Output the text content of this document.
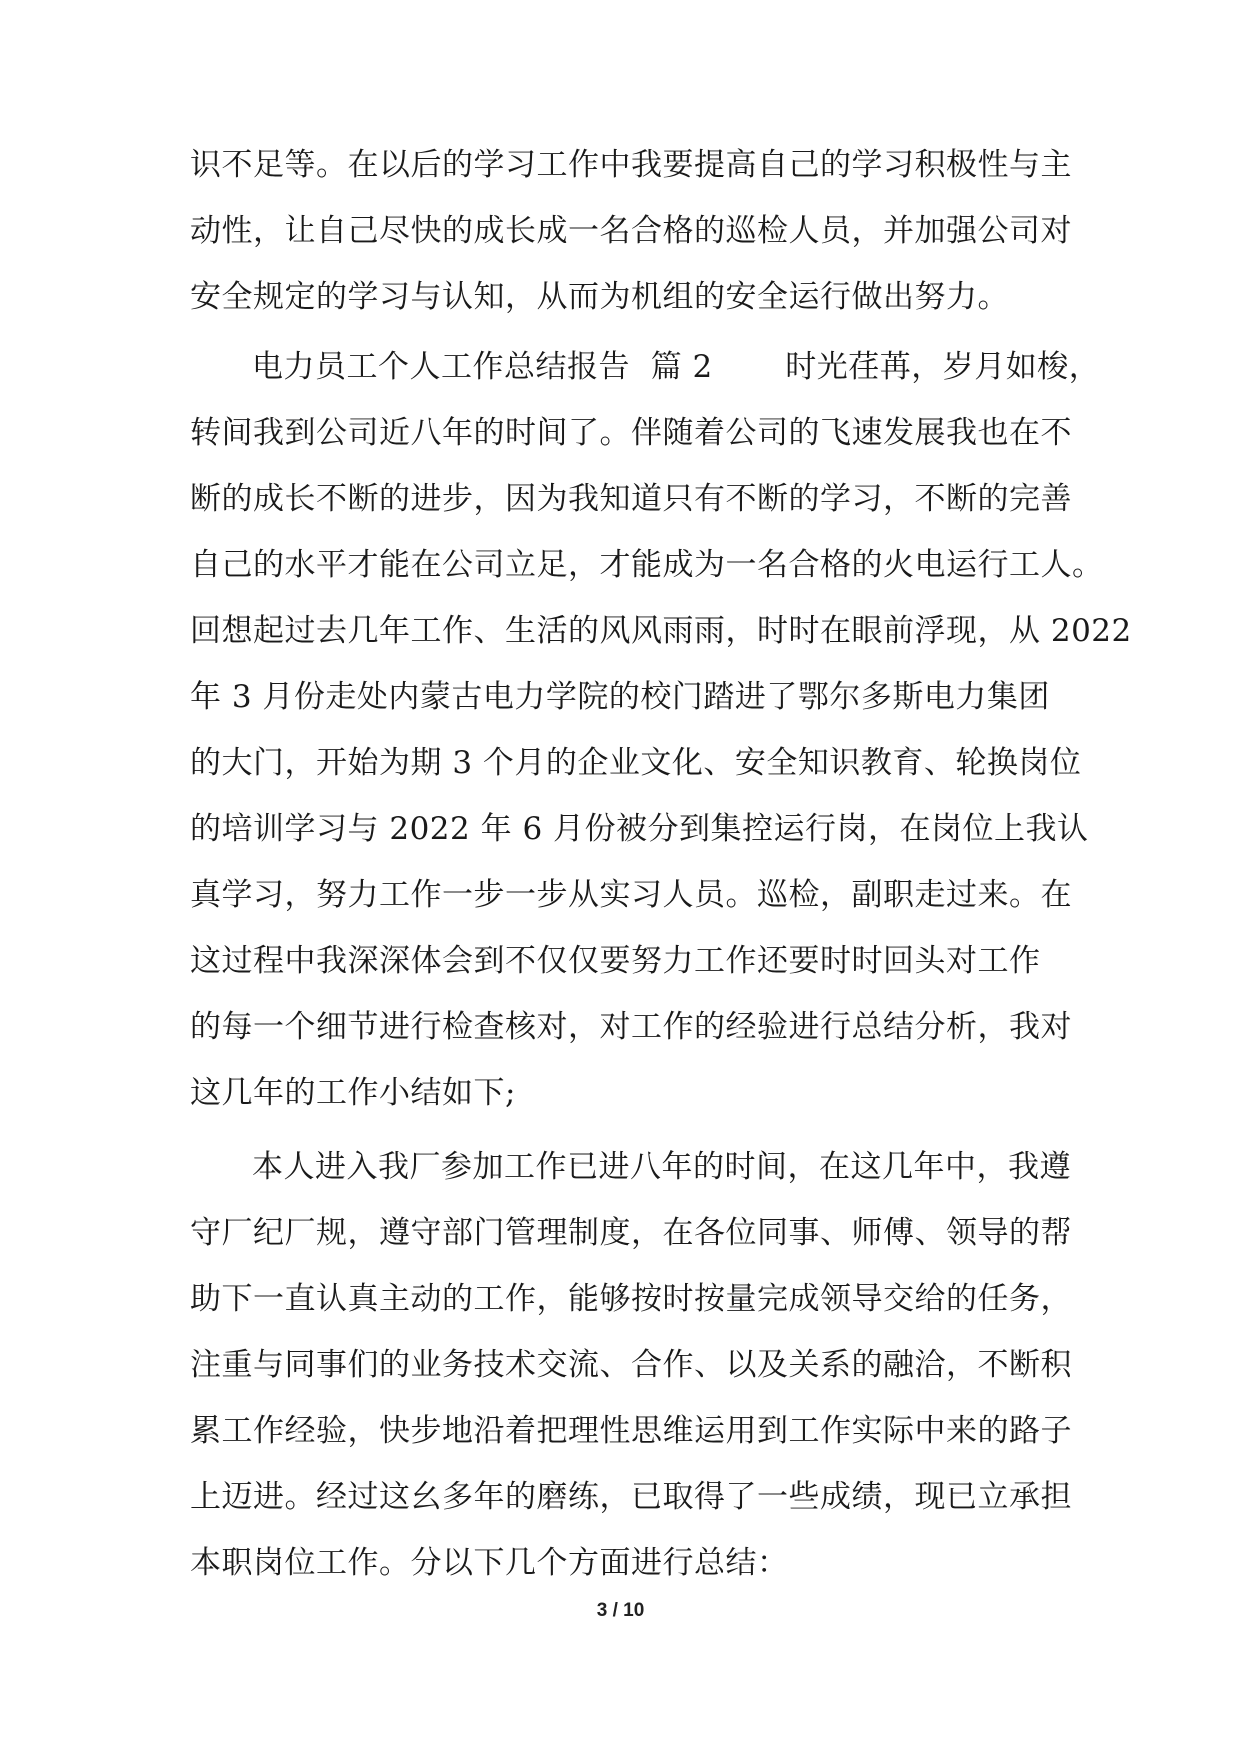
识不足等。在以后的学习工作中我要提高自己的学习积极性与主
动性，让自己尽快的成长成一名合格的巡检人员，并加强公司对
安全规定的学习与认知，从而为机组的安全运行做出努力。
电力员工个人工作总结报告  篇 2       时光荏苒，岁月如梭，
转间我到公司近八年的时间了。伴随着公司的飞速发展我也在不
断的成长不断的进步，因为我知道只有不断的学习，不断的完善
自己的水平才能在公司立足，才能成为一名合格的火电运行工人。
回想起过去几年工作、生活的风风雨雨，时时在眼前浮现，从 2022
年 3 月份走处内蒙古电力学院的校门踏进了鄂尔多斯电力集团
的大门，开始为期 3 个月的企业文化、安全知识教育、轮换岗位
的培训学习与 2022 年 6 月份被分到集控运行岗，在岗位上我认
真学习，努力工作一步一步从实习人员。巡检，副职走过来。在
这过程中我深深体会到不仅仅要努力工作还要时时回头对工作
的每一个细节进行检查核对，对工作的经验进行总结分析，我对
这几年的工作小结如下;
本人进入我厂参加工作已进八年的时间，在这几年中，我遵
守厂纪厂规，遵守部门管理制度，在各位同事、师傅、领导的帮
助下一直认真主动的工作，能够按时按量完成领导交给的任务，
注重与同事们的业务技术交流、合作、以及关系的融洽，不断积
累工作经验，快步地沿着把理性思维运用到工作实际中来的路子
上迈进。经过这幺多年的磨练，已取得了一些成绩，现已立承担
本职岗位工作。分以下几个方面进行总结：
3 / 10
